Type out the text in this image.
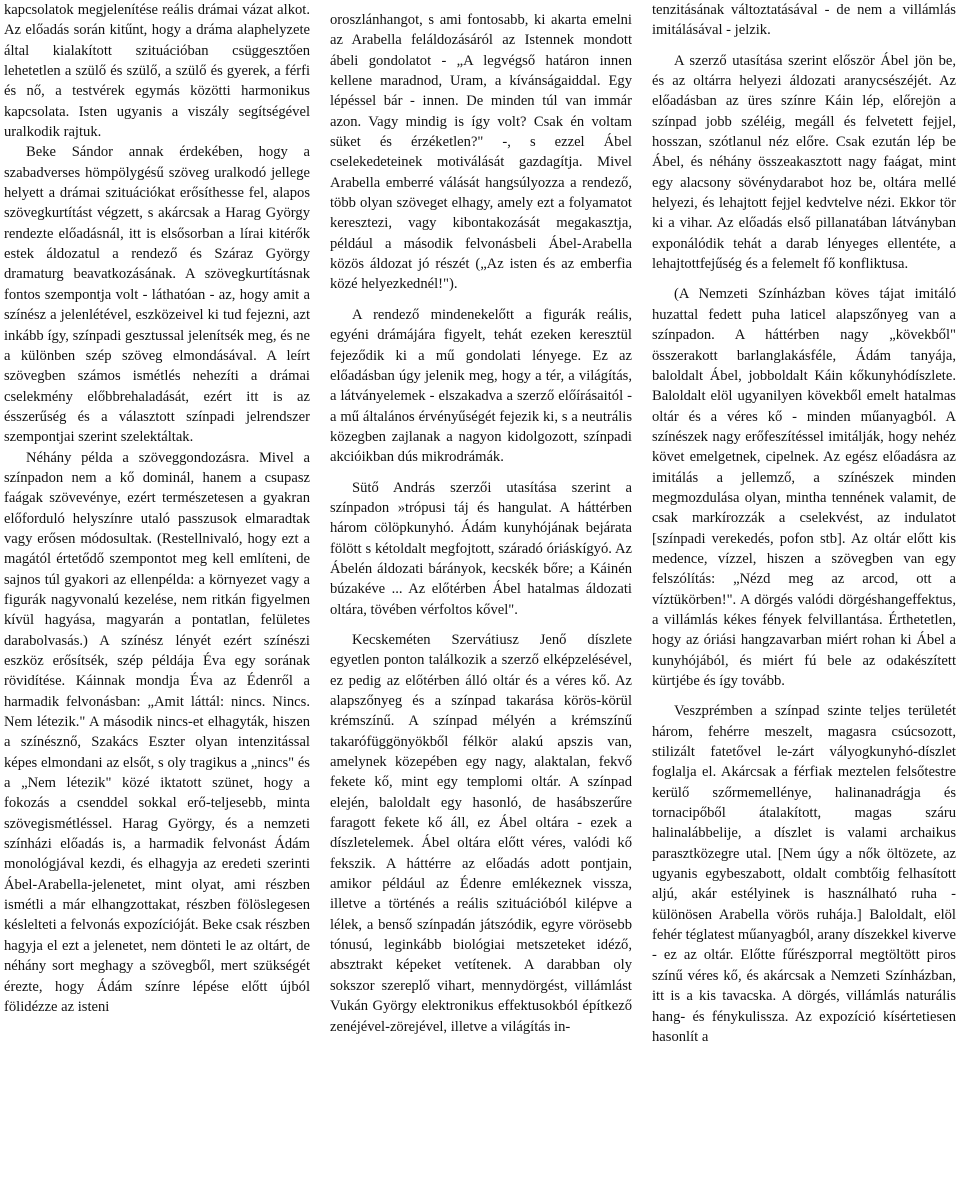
kapcsolatok megjelenítése reális drámai vázat alkot. Az előadás során kitűnt, hogy a dráma alaphelyzete által kialakított szituációban csüggesztően lehetetlen a szülő és szülő, a szülő és gyerek, a férfi és nő, a testvérek egymás közötti harmonikus kapcsolata. Isten ugyanis a viszály segítségével uralkodik rajtuk.

Beke Sándor annak érdekében, hogy a szabadverses hömpölygésű szöveg uralkodó jellege helyett a drámai szituációkat erősíthesse fel, alapos szövegkurtítást végzett, s akárcsak a Harag György rendezte előadásnál, itt is elsősorban a lírai kitérők estek áldozatul a rendező és Száraz György dramaturg beavatkozásának. A szövegkurtításnak fontos szempontja volt - láthatóan - az, hogy amit a színész a jelenlétével, eszközeivel ki tud fejezni, azt inkább így, színpadi gesztussal jelenítsék meg, és ne a különben szép szöveg elmondásával. A leírt szövegben számos ismétlés nehezíti a drámai cselekmény előbbrehaladását, ezért itt is az ésszerűség és a választott színpadi jelrendszer szempontjai szerint szelektáltak.

Néhány példa a szöveggondozásra. Mivel a színpadon nem a kő dominál, hanem a csupasz faágak szövevénye, ezért természetesen a gyakran előforduló helyszínre utaló passzusok elmaradtak vagy erősen módosultak. (Restellnivaló, hogy ezt a magától értetődő szempontot meg kell említeni, de sajnos túl gyakori az ellenpélda: a környezet vagy a figurák nagyvonalú kezelése, nem ritkán figyelmen kívül hagyása, magyarán a pontatlan, felületes darabolvasás.) A színész lényét ezért színészi eszköz erősítsék, szép példája Éva egy sorának rövidítése. Káinnak mondja Éva az Édenről a harmadik felvonásban: „Amit láttál: nincs. Nincs. Nem létezik." A második nincs-et elhagyták, hiszen a színésznő, Szakács Eszter olyan intenzitással képes elmondani az elsőt, s oly tragikus a „nincs" és a „Nem létezik" közé iktatott szünet, hogy a fokozás a csenddel sokkal erő-teljesebb, minta szövegismétléssel. Harag György, és a nemzeti színházi előadás is, a harmadik felvonást Ádám monológjával kezdi, és elhagyja az eredeti szerinti Ábel-Arabella-jelenetet, mint olyat, ami részben ismétli a már elhangzottakat, részben fölöslegesen késlelteti a felvonás expozícióját. Beke csak részben hagyja el ezt a jelenetet, nem dönteti le az oltárt, de néhány sort meghagy a szövegből, mert szükségét érezte, hogy Ádám színre lépése előtt újból fölidézze az isteni

oroszlánhangot, s ami fontosabb, ki akarta emelni az Arabella feláldozásáról az Istennek mondott ábeli gondolatot - „A legvégső határon innen kellene maradnod, Uram, a kívánságaiddal. Egy lépéssel bár - innen. De minden túl van immár azon. Vagy mindig is így volt? Csak én voltam süket és érzéketlen?" -, s ezzel Ábel cselekedeteinek motiválását gazdagítja. Mivel Arabella emberré válását hangsúlyozza a rendező, több olyan szöveget elhagy, amely ezt a folyamatot keresztezi, vagy kibontakozását megakasztja, például a második felvonásbeli Ábel-Arabella közös áldozat jó részét („Az isten és az emberfia közé helyezkednél!").

A rendező mindenekelőtt a figurák reális, egyéni drámájára figyelt, tehát ezeken keresztül fejeződik ki a mű gondolati lényege. Ez az előadásban úgy jelenik meg, hogy a tér, a világítás, a látványelemek - elszakadva a szerző előírásaitól - a mű általános érvényűségét fejezik ki, s a neutrális közegben zajlanak a nagyon kidolgozott, színpadi akcióikban dús mikrodrámák.

Sütő András szerzői utasítása szerint a színpadon »trópusi táj és hangulat. A háttérben három cölöpkunyhó. Ádám kunyhójának bejárata fölött s kétoldalt megfojtott, száradó óriáskígyó. Az Ábelén áldozati bárányok, kecskék bőre; a Káinén búzakéve ... Az előtérben Ábel hatalmas áldozati oltára, tövében vérfoltos kővel".

Kecskeméten Szervátiusz Jenő díszlete egyetlen ponton találkozik a szerző elképzelésével, ez pedig az előtérben álló oltár és a véres kő. Az alapszőnyeg és a színpad takarása körös-körül krémszínű. A színpad mélyén a krémszínű takarófüggönyökből félkör alakú apszis van, amelynek közepében egy nagy, alaktalan, fekvő fekete kő, mint egy templomi oltár. A színpad elején, baloldalt egy hasonló, de hasábszerűre faragott fekete kő áll, ez Ábel oltára - ezek a díszletelemek. Ábel oltára előtt véres, valódi kő fekszik. A háttérre az előadás adott pontjain, amikor például az Édenre emlékeznek vissza, illetve a történés a reális szituációból kilépve a lélek, a benső színpadán játszódik, egyre vörösebb tónusú, leginkább biológiai metszeteket idéző, absztrakt képeket vetítenek. A darabban oly sokszor szereplő vihart, mennydörgést, villámlást Vukán György elektronikus effektusokból építkező zenéjével-zörejével, illetve a világítás in-

tenzitásának változtatásával - de nem a villámlás imitálásával - jelzik.

A szerző utasítása szerint először Ábel jön be, és az oltárra helyezi áldozati aranycsészéjét. Az előadásban az üres színre Káin lép, előrejön a színpad jobb széléig, megáll és felvetett fejjel, hosszan, szótlanul néz előre. Csak ezután lép be Ábel, és néhány összeakasztott nagy faágat, mint egy alacsony sövénydarabot hoz be, oltára mellé helyezi, és lehajtott fejjel kedvtelve nézi. Ekkor tör ki a vihar. Az előadás első pillanatában látványban exponálódik tehát a darab lényeges ellentéte, a lehajtottfejűség és a felemelt fő konfliktusa.

(A Nemzeti Színházban köves tájat imitáló huzattal fedett puha laticel alapszőnyeg van a színpadon. A háttérben nagy „kövekből" összerakott barlanglakásféle, Ádám tanyája, baloldalt Ábel, jobboldalt Káin kőkunyhódíszlete. Baloldalt elöl ugyanilyen kövekből emelt hatalmas oltár és a véres kő - minden műanyagból. A színészek nagy erőfeszítéssel imitálják, hogy nehéz követ emelgetnek, cipelnek. Az egész előadásra az imitálás a jellemző, a színészek minden megmozdulása olyan, mintha tennének valamit, de csak markírozzák a cselekvést, az indulatot [színpadi verekedés, pofon stb]. Az oltár előtt kis medence, vízzel, hiszen a szövegben van egy felszólítás: „Nézd meg az arcod, ott a víztükörben!". A dörgés valódi dörgéshangeffektus, a villámlás kékes fények felvillantása. Érthetetlen, hogy az óriási hangzavarban miért rohan ki Ábel a kunyhójából, és miért fú bele az odakészített kürtjébe és így tovább.

Veszprémben a színpad szinte teljes területét három, fehérre meszelt, magasra csúcsozott, stilizált fatetővel le-zárt vályogkunyhó-díszlet foglalja el. Akárcsak a férfiak meztelen felsőtestre kerülő szőrmemellénye, halinanadrágja és tornacipőből átalakított, magas száru halinalábbelije, a díszlet is valami archaikus parasztközegre utal. [Nem úgy a nők öltözete, az ugyanis egybeszabott, oldalt combtőig felhasított aljú, akár estélyinek is használható ruha - különösen Arabella vörös ruhája.] Baloldalt, elöl fehér téglatest műanyagból, arany díszekkel kiverve - ez az oltár. Előtte fűrészporral megtöltött piros színű véres kő, és akárcsak a Nemzeti Színházban, itt is a kis tavacska. A dörgés, villámlás naturális hang- és fénykulissza. Az expozíció kísértetiesen hasonlít a
